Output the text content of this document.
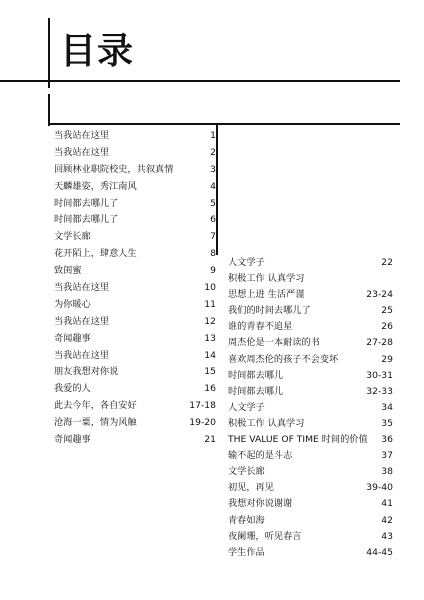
目录
当我站在这里	1
当我站在这里	2
回顾林业职院校史，共叙真情	3
天麟雄姿，秀江南风	4
时间都去哪儿了	5
时间都去哪儿了	6
文学长廊	7
花开陌上，肆意人生	8
致闺蜜	9
当我站在这里	10
为你暖心	11
当我站在这里	12
奇闻趣事	13
当我站在这里	14
朋友我想对你说	15
我爱的人	16
此去今年，各自安好	17-18
沧海一粟，情为风触	19-20
奇闻趣事	21
人文学子	22
积极工作 认真学习
思想上进 生活严谨	23-24
我们的时间去哪儿了	25
谁的青春不追星	26
周杰伦是一本耐读的书	27-28
喜欢周杰伦的孩子不会变坏	29
时间都去哪儿	30-31
时间都去哪儿	32-33
人文学子	34
积极工作 认真学习	35
THE VALUE OF TIME 时间的价值 36
输不起的是斗志	37
文学长廊	38
初见，再见	39-40
我想对你说谢谢	41
青春如海	42
夜阑珊，听见春言	43
学生作品	44-45
